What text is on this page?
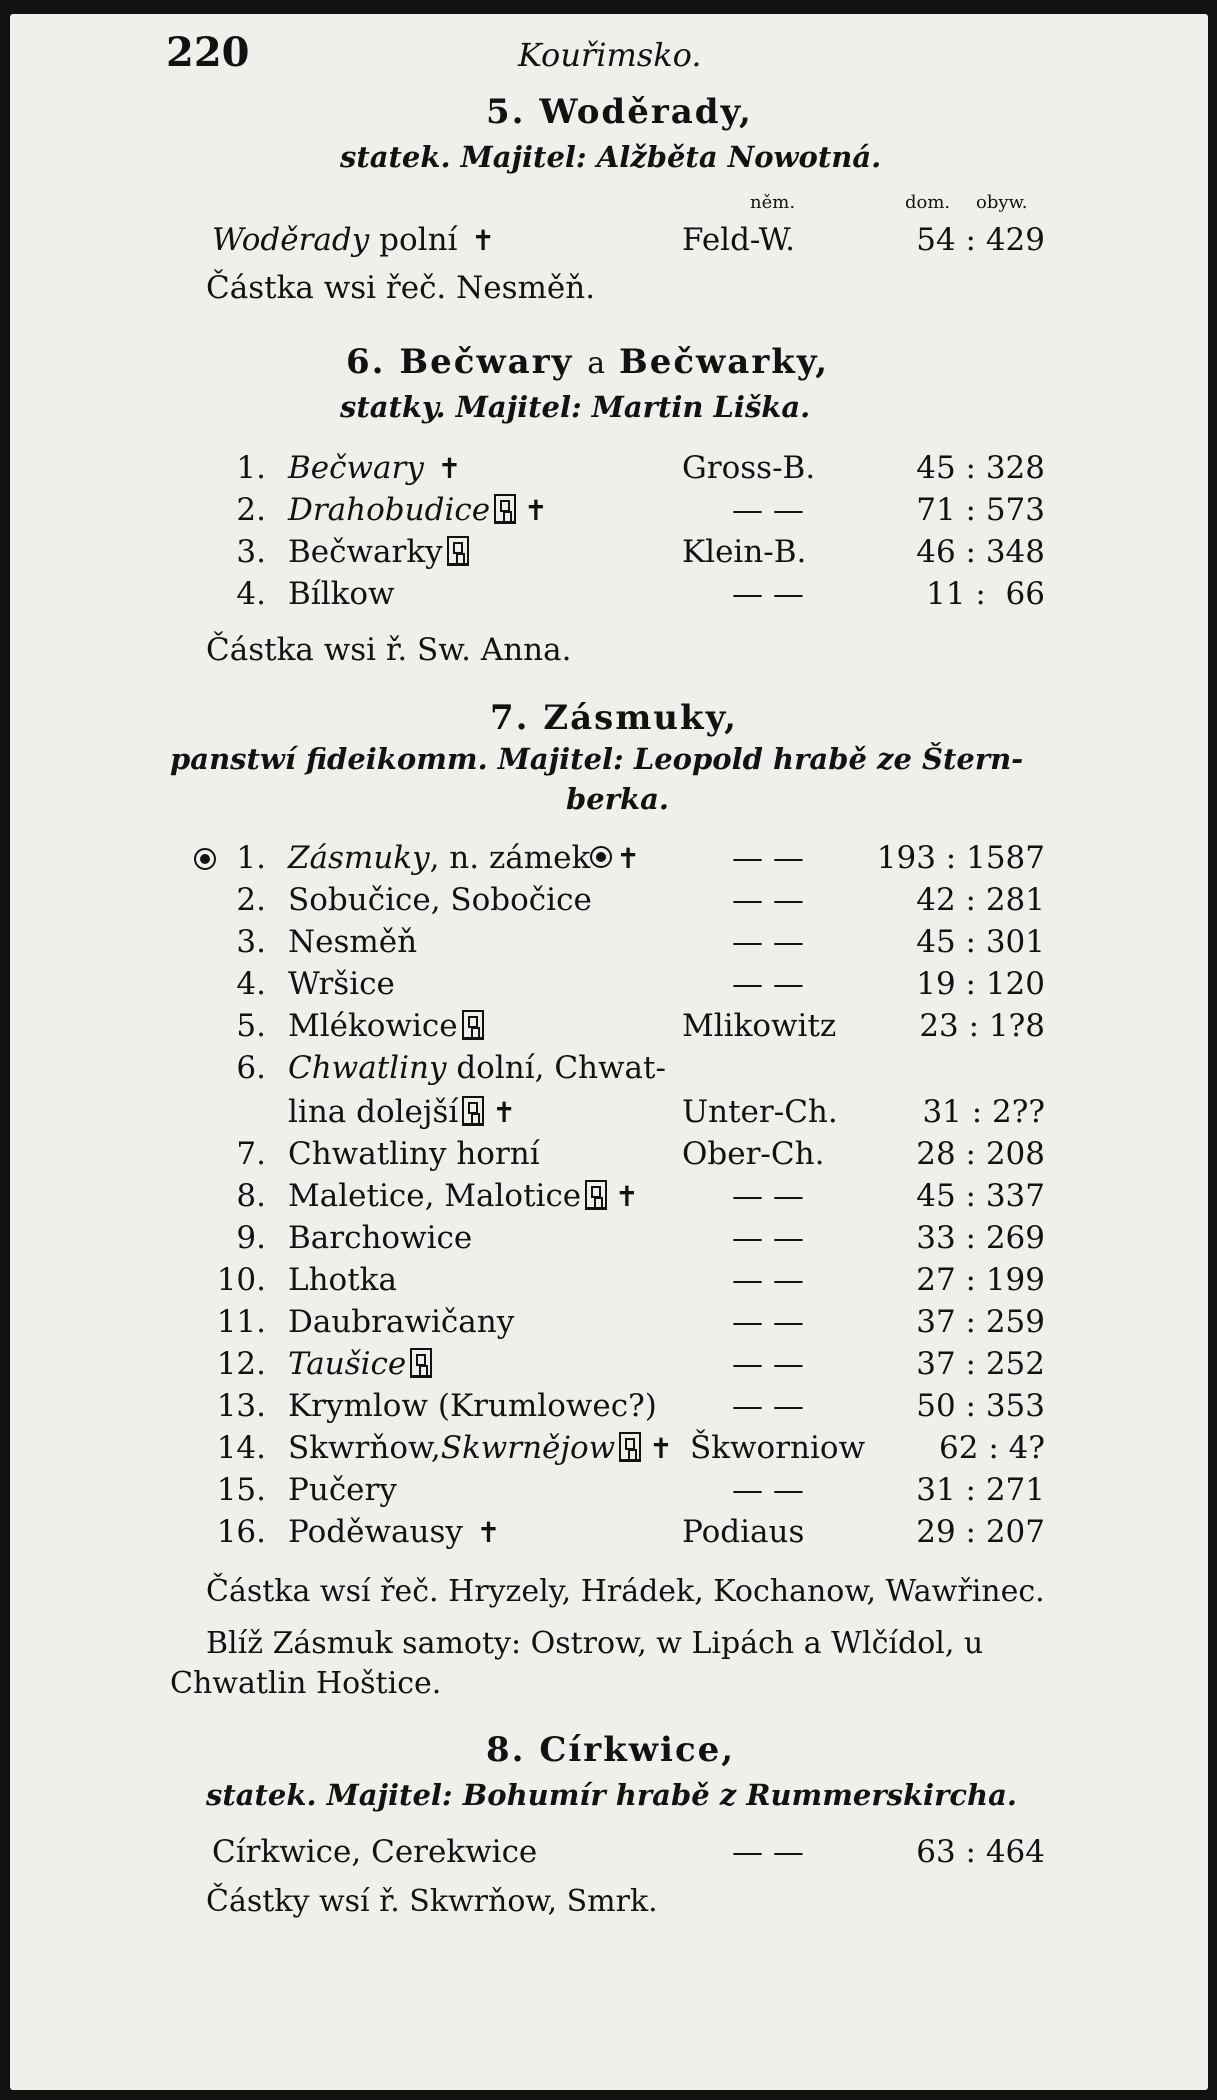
220	Kouřimsko.
5. Woděrady,
statek. Majitel: Alžběta Nowotná.
něm.	dom. obyw.
Woděrady polní ✝	Feld-W.	54 : 429
Částka wsi řeč. Nesměň.
6. Bečwary a Bečwarky,
statky. Majitel: Martin Liška.
1. Bečwary ✝	Gross-B.	45 : 328
2. Drahobudice ✝	— —	71 : 573
3. Bečwarky	Klein-B.	46 : 348
4. Bílkow	— —	11 :  66
Částka wsi ř. Sw. Anna.
7. Zásmuky,
panstwí fideikomm. Majitel: Leopold hrabě ze Štern-
berka.
1. Zásmuky, n. zámek ✝	— —	193 : 1587
2. Sobučice, Sobočice	— —	42 : 281
3. Nesměň	— —	45 : 301
4. Wršice	— —	19 : 120
5. Mlékowice	Mlikowitz	23 : 1?8
6. Chwatliny dolní, Chwat-
lina dolejší ✝	Unter-Ch.	31 : 2??
7. Chwatliny horní	Ober-Ch.	28 : 208
8. Maletice, Malotice ✝	— —	45 : 337
9. Barchowice	— —	33 : 269
10. Lhotka	— —	27 : 199
11. Daubrawičany	— —	37 : 259
12. Taušice	— —	37 : 252
13. Krymlow (Krumlowec?) — —	50 : 353
14. Skwrňow,Skwrnějow ✝ Škworniow	62 : 4?
15. Pučery	— —	31 : 271
16. Poděwausy ✝	Podiaus	29 : 207
Částka wsí řeč. Hryzely, Hrádek, Kochanow, Wawřinec.
Blíž Zásmuk samoty: Ostrow, w Lipách a Wlčídol, u
Chwatlin Hoštice.
8. Církwice,
statek. Majitel: Bohumír hrabě z Rummerskircha.
Církwice, Cerekwice	— —	63 : 464
Částky wsí ř. Skwrňow, Smrk.
